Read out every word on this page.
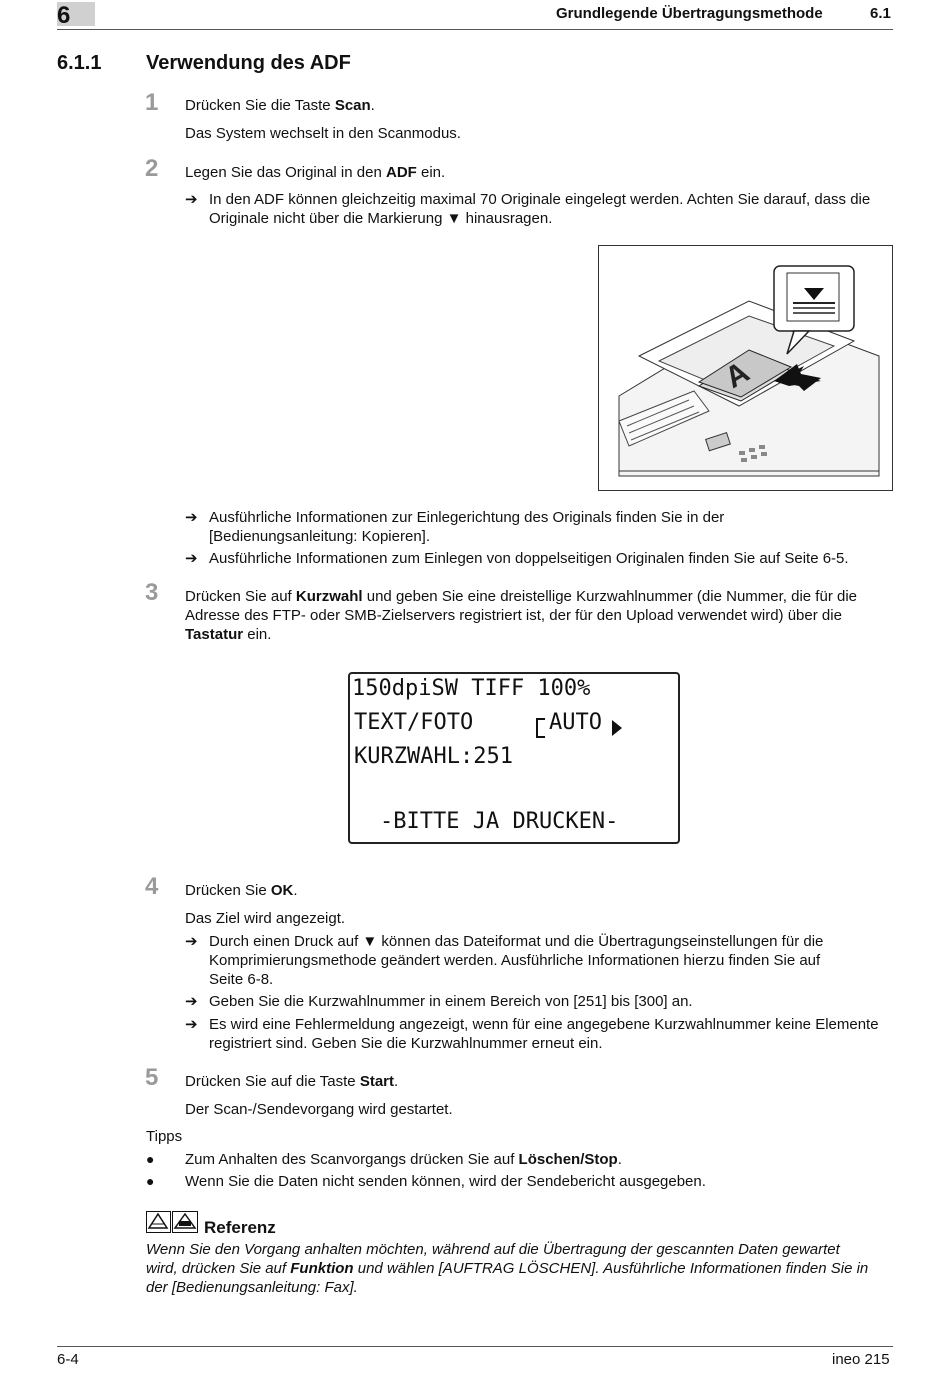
6	Grundlegende Übertragungsmethode	6.1
6.1.1 Verwendung des ADF
1 Drücken Sie die Taste Scan.
Das System wechselt in den Scanmodus.
2 Legen Sie das Original in den ADF ein.
➔ In den ADF können gleichzeitig maximal 70 Originale eingelegt werden. Achten Sie darauf, dass die
Originale nicht über die Markierung ▼ hinausragen.
A
➔ Ausführliche Informationen zur Einlegerichtung des Originals finden Sie in der
[Bedienungsanleitung: Kopieren].
➔ Ausführliche Informationen zum Einlegen von doppelseitigen Originalen finden Sie auf Seite 6-5.
3 Drücken Sie auf Kurzwahl und geben Sie eine dreistellige Kurzwahlnummer (die Nummer, die für die
Adresse des FTP- oder SMB-Zielservers registriert ist, der für den Upload verwendet wird) über die
Tastatur ein.
150dpiSW TIFF 100%
TEXT/FOTO	AUTO
KURZWAHL:251
-BITTE JA DRUCKEN-
4 Drücken Sie OK.
Das Ziel wird angezeigt.
➔ Durch einen Druck auf ▼ können das Dateiformat und die Übertragungseinstellungen für die
Komprimierungsmethode geändert werden. Ausführliche Informationen hierzu finden Sie auf
Seite 6-8.
➔ Geben Sie die Kurzwahlnummer in einem Bereich von [251] bis [300] an.
➔ Es wird eine Fehlermeldung angezeigt, wenn für eine angegebene Kurzwahlnummer keine Elemente
registriert sind. Geben Sie die Kurzwahlnummer erneut ein.
5 Drücken Sie auf die Taste Start.
Der Scan-/Sendevorgang wird gestartet.
Tipps
● Zum Anhalten des Scanvorgangs drücken Sie auf Löschen/Stop.
● Wenn Sie die Daten nicht senden können, wird der Sendebericht ausgegeben.
Referenz
Wenn Sie den Vorgang anhalten möchten, während auf die Übertragung der gescannten Daten gewartet
wird, drücken Sie auf Funktion und wählen [AUFTRAG LÖSCHEN]. Ausführliche Informationen finden Sie in
der [Bedienungsanleitung: Fax].
6-4	ineo 215
